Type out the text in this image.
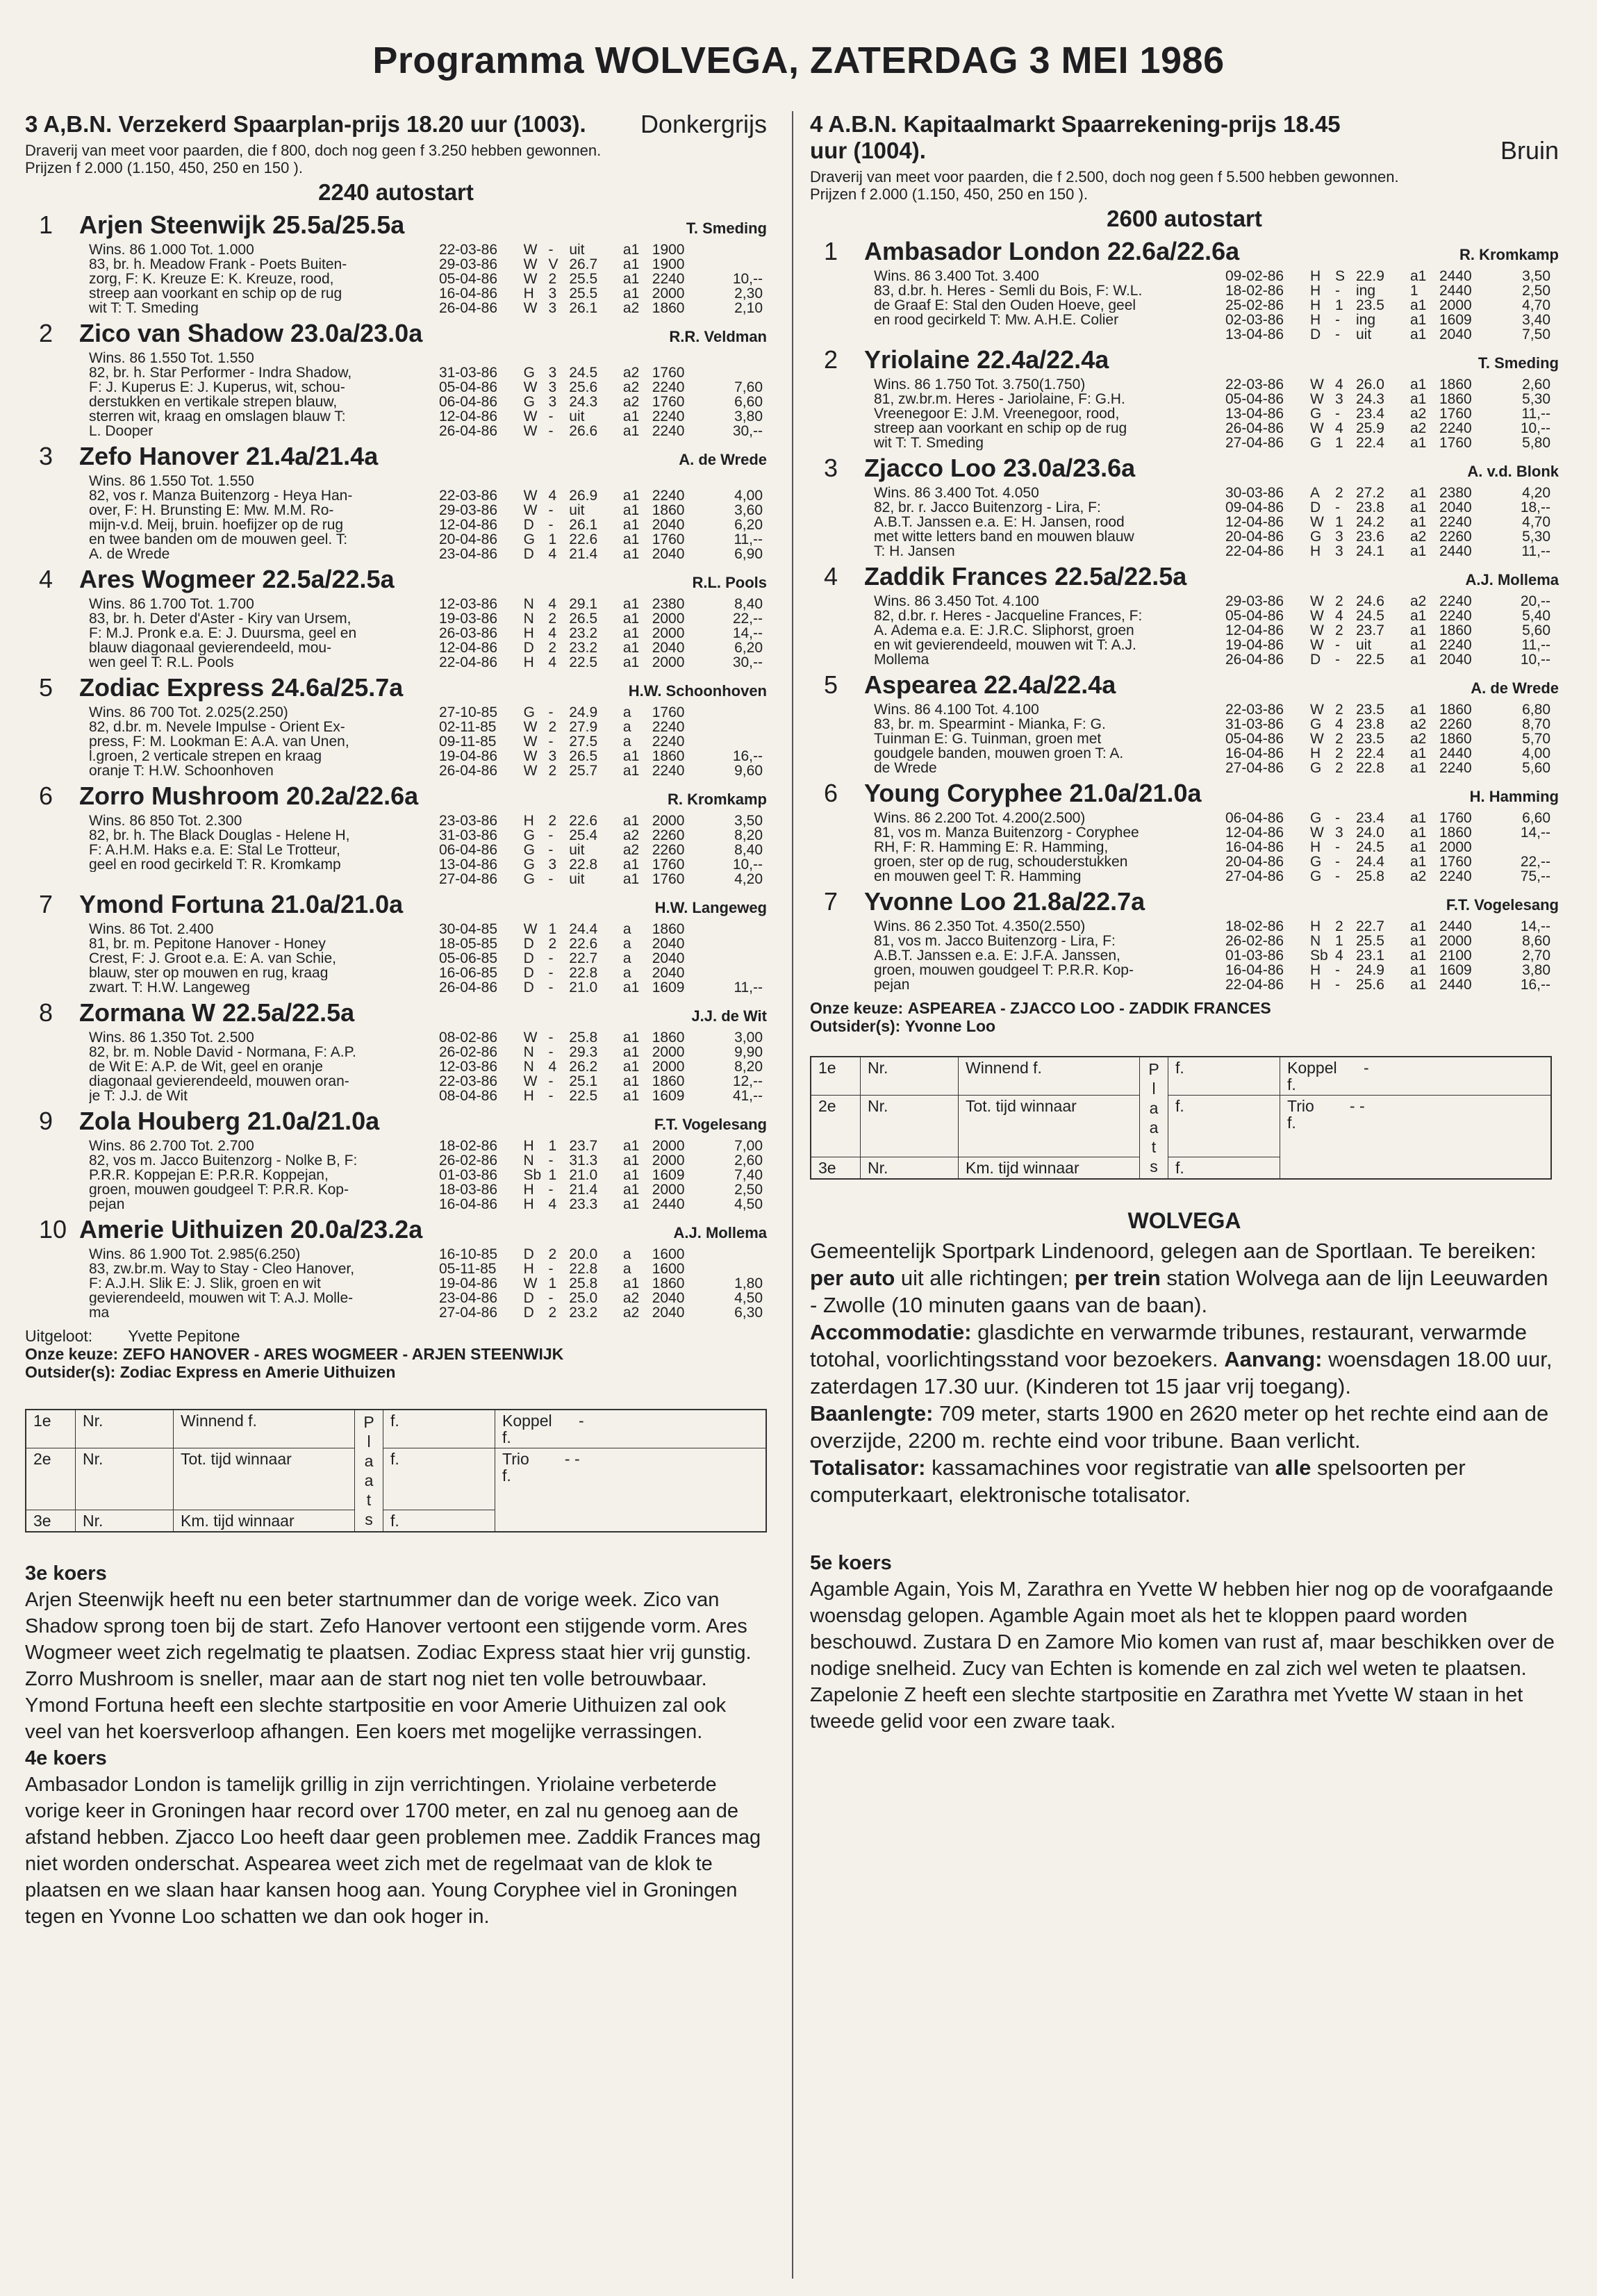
Programma WOLVEGA, ZATERDAG 3 MEI 1986
3 A,B.N. Verzekerd Spaarplan-prijs 18.20 uur (1003). Donkergrijs
Draverij van meet voor paarden, die f 800, doch nog geen f 3.250 hebben gewonnen.
Prijzen f 2.000 (1.150, 450, 250 en 150 ).
2240 autostart
1	Arjen Steenwijk 25.5a/25.5a	T. Smeding
Wins. 86 1.000 Tot. 1.000
83, br. h. Meadow Frank - Poets Buiten-
zorg, F: K. Kreuze E: K. Kreuze, rood,
streep aan voorkant en schip op de rug
wit T: T. Smeding
22-03-86	W	-	uit	a1	1900	
29-03-86	W	V	26.7	a1	1900	
05-04-86	W	2	25.5	a1	2240	10,--
16-04-86	H	3	25.5	a1	2000	2,30
26-04-86	W	3	26.1	a2	1860	2,10
2	Zico van Shadow 23.0a/23.0a	R.R. Veldman
Wins. 86 1.550 Tot. 1.550
82, br. h. Star Performer - Indra Shadow,
F: J. Kuperus E: J. Kuperus, wit, schou-
derstukken en vertikale strepen blauw,
sterren wit, kraag en omslagen blauw T:
L. Dooper

31-03-86	G	3	24.5	a2	1760	
05-04-86	W	3	25.6	a2	2240	7,60
06-04-86	G	3	24.3	a2	1760	6,60
12-04-86	W	-	uit	a1	2240	3,80
26-04-86	W	-	26.6	a1	2240	30,--
3	Zefo Hanover 21.4a/21.4a	A. de Wrede
Wins. 86 1.550 Tot. 1.550
82, vos r. Manza Buitenzorg - Heya Han-
over, F: H. Brunsting E: Mw. M.M. Ro-
mijn-v.d. Meij, bruin. hoefijzer op de rug
en twee banden om de mouwen geel. T:
A. de Wrede

22-03-86	W	4	26.9	a1	2240	4,00
29-03-86	W	-	uit	a1	1860	3,60
12-04-86	D	-	26.1	a1	2040	6,20
20-04-86	G	1	22.6	a1	1760	11,--
23-04-86	D	4	21.4	a1	2040	6,90
4	Ares Wogmeer 22.5a/22.5a	R.L. Pools
Wins. 86 1.700 Tot. 1.700
83, br. h. Deter d'Aster - Kiry van Ursem,
F: M.J. Pronk e.a. E: J. Duursma, geel en
blauw diagonaal gevierendeeld, mou-
wen geel T: R.L. Pools
12-03-86	N	4	29.1	a1	2380	8,40
19-03-86	N	2	26.5	a1	2000	22,--
26-03-86	H	4	23.2	a1	2000	14,--
12-04-86	D	2	23.2	a1	2040	6,20
22-04-86	H	4	22.5	a1	2000	30,--
5	Zodiac Express 24.6a/25.7a	H.W. Schoonhoven
Wins. 86 700 Tot. 2.025(2.250)
82, d.br. m. Nevele Impulse - Orient Ex-
press, F: M. Lookman E: A.A. van Unen,
l.groen, 2 verticale strepen en kraag
oranje T: H.W. Schoonhoven
27-10-85	G	-	24.9	a	1760	
02-11-85	W	2	27.9	a	2240	
09-11-85	W	-	27.5	a	2240	
19-04-86	W	3	26.5	a1	1860	16,--
26-04-86	W	2	25.7	a1	2240	9,60
6	Zorro Mushroom 20.2a/22.6a	R. Kromkamp
Wins. 86 850 Tot. 2.300
82, br. h. The Black Douglas - Helene H,
F: A.H.M. Haks e.a. E: Stal Le Trotteur,
geel en rood gecirkeld T: R. Kromkamp
23-03-86	H	2	22.6	a1	2000	3,50
31-03-86	G	-	25.4	a2	2260	8,20
06-04-86	G	-	uit	a2	2260	8,40
13-04-86	G	3	22.8	a1	1760	10,--
27-04-86	G	-	uit	a1	1760	4,20
7	Ymond Fortuna 21.0a/21.0a	H.W. Langeweg
Wins. 86 Tot. 2.400
81, br. m. Pepitone Hanover - Honey
Crest, F: J. Groot e.a. E: A. van Schie,
blauw, ster op mouwen en rug, kraag
zwart. T: H.W. Langeweg
30-04-85	W	1	24.4	a	1860	
18-05-85	D	2	22.6	a	2040	
05-06-85	D	-	22.7	a	2040	
16-06-85	D	-	22.8	a	2040	
26-04-86	D	-	21.0	a1	1609	11,--
8	Zormana W 22.5a/22.5a	J.J. de Wit
Wins. 86 1.350 Tot. 2.500
82, br. m. Noble David - Normana, F: A.P.
de Wit E: A.P. de Wit, geel en oranje
diagonaal gevierendeeld, mouwen oran-
je T: J.J. de Wit
08-02-86	W	-	25.8	a1	1860	3,00
26-02-86	N	-	29.3	a1	2000	9,90
12-03-86	N	4	26.2	a1	2000	8,20
22-03-86	W	-	25.1	a1	1860	12,--
08-04-86	H	-	22.5	a1	1609	41,--
9	Zola Houberg 21.0a/21.0a	F.T. Vogelesang
Wins. 86 2.700 Tot. 2.700
82, vos m. Jacco Buitenzorg - Nolke B, F:
P.R.R. Koppejan E: P.R.R. Koppejan,
groen, mouwen goudgeel T: P.R.R. Kop-
pejan
18-02-86	H	1	23.7	a1	2000	7,00
26-02-86	N	-	31.3	a1	2000	2,60
01-03-86	Sb	1	21.0	a1	1609	7,40
18-03-86	H	-	21.4	a1	2000	2,50
16-04-86	H	4	23.3	a1	2440	4,50
10 Amerie Uithuizen 20.0a/23.2a	A.J. Mollema
Wins. 86 1.900 Tot. 2.985(6.250)
83, zw.br.m. Way to Stay - Cleo Hanover,
F: A.J.H. Slik E: J. Slik, groen en wit
gevierendeeld, mouwen wit T: A.J. Molle-
ma
16-10-85	D	2	20.0	a	1600	
05-11-85	H	-	22.8	a	1600	
19-04-86	W	1	25.8	a1	1860	1,80
23-04-86	D	-	25.0	a2	2040	4,50
27-04-86	D	2	23.2	a2	2040	6,30
Uitgeloot: Yvette Pepitone
Onze keuze: ZEFO HANOVER - ARES WOGMEER - ARJEN STEENWIJK
Outsider(s): Zodiac Express en Amerie Uithuizen
1e	Nr.	Winnend f.	P l a a t s	f.	Koppel -
f.
2e	Nr.	Tot. tijd winnaar		f.	Trio - -
f.
3e	Nr.	Km. tijd winnaar		f.	
3e koers
Arjen Steenwijk heeft nu een beter startnummer dan de vorige week. Zico van Shadow sprong toen bij de start. Zefo Hanover vertoont een stijgende vorm. Ares Wogmeer weet zich regelmatig te plaatsen. Zodiac Express staat hier vrij gunstig. Zorro Mushroom is sneller, maar aan de start nog niet ten volle betrouwbaar. Ymond Fortuna heeft een slechte startpositie en voor Amerie Uithuizen zal ook veel van het koersverloop afhangen. Een koers met mogelijke verrassingen.
4e koers
Ambasador London is tamelijk grillig in zijn verrichtingen. Yriolaine verbeterde vorige keer in Groningen haar record over 1700 meter, en zal nu genoeg aan de afstand hebben. Zjacco Loo heeft daar geen problemen mee. Zaddik Frances mag niet worden onderschat. Aspearea weet zich met de regelmaat van de klok te plaatsen en we slaan haar kansen hoog aan. Young Coryphee viel in Groningen tegen en Yvonne Loo schatten we dan ook hoger in.
4 A.B.N. Kapitaalmarkt Spaarrekening-prijs 18.45 uur (1004).	Bruin
Draverij van meet voor paarden, die f 2.500, doch nog geen f 5.500 hebben gewonnen.
Prijzen f 2.000 (1.150, 450, 250 en 150 ).
2600 autostart
1	Ambasador London 22.6a/22.6a	R. Kromkamp
Wins. 86 3.400 Tot. 3.400
83, d.br. h. Heres - Semli du Bois, F: W.L.
de Graaf E: Stal den Ouden Hoeve, geel
en rood gecirkeld T: Mw. A.H.E. Colier
09-02-86	H	S	22.9	a1	2440	3,50
18-02-86	H	-	ing	1	2440	2,50
25-02-86	H	1	23.5	a1	2000	4,70
02-03-86	H	-	ing	a1	1609	3,40
13-04-86	D	-	uit	a1	2040	7,50
2	Yriolaine 22.4a/22.4a	T. Smeding
Wins. 86 1.750 Tot. 3.750(1.750)
81, zw.br.m. Heres - Jariolaine, F: G.H.
Vreenegoor E: J.M. Vreenegoor, rood,
streep aan voorkant en schip op de rug
wit T: T. Smeding
22-03-86	W	4	26.0	a1	1860	2,60
05-04-86	W	3	24.3	a1	1860	5,30
13-04-86	G	-	23.4	a2	1760	11,--
26-04-86	W	4	25.9	a2	2240	10,--
27-04-86	G	1	22.4	a1	1760	5,80
3	Zjacco Loo 23.0a/23.6a	A. v.d. Blonk
Wins. 86 3.400 Tot. 4.050
82, br. r. Jacco Buitenzorg - Lira, F:
A.B.T. Janssen e.a. E: H. Jansen, rood
met witte letters band en mouwen blauw
T: H. Jansen
30-03-86	A	2	27.2	a1	2380	4,20
09-04-86	D	-	23.8	a1	2040	18,--
12-04-86	W	1	24.2	a1	2240	4,70
20-04-86	G	3	23.6	a2	2260	5,30
22-04-86	H	3	24.1	a1	2440	11,--
4	Zaddik Frances 22.5a/22.5a	A.J. Mollema
Wins. 86 3.450 Tot. 4.100
82, d.br. r. Heres - Jacqueline Frances, F:
A. Adema e.a. E: J.R.C. Sliphorst, groen
en wit gevierendeeld, mouwen wit T: A.J.
Mollema
29-03-86	W	2	24.6	a2	2240	20,--
05-04-86	W	4	24.5	a1	2240	5,40
12-04-86	W	2	23.7	a1	1860	5,60
19-04-86	W	-	uit	a1	2240	11,--
26-04-86	D	-	22.5	a1	2040	10,--
5	Aspearea 22.4a/22.4a	A. de Wrede
Wins. 86 4.100 Tot. 4.100
83, br. m. Spearmint - Mianka, F: G.
Tuinman E: G. Tuinman, groen met
goudgele banden, mouwen groen T: A.
de Wrede
22-03-86	W	2	23.5	a1	1860	6,80
31-03-86	G	4	23.8	a2	2260	8,70
05-04-86	W	2	23.5	a2	1860	5,70
16-04-86	H	2	22.4	a1	2440	4,00
27-04-86	G	2	22.8	a1	2240	5,60
6	Young Coryphee 21.0a/21.0a	H. Hamming
Wins. 86 2.200 Tot. 4.200(2.500)
81, vos m. Manza Buitenzorg - Coryphee
RH, F: R. Hamming E: R. Hamming,
groen, ster op de rug, schouderstukken
en mouwen geel T: R. Hamming
06-04-86	G	-	23.4	a1	1760	6,60
12-04-86	W	3	24.0	a1	1860	14,--
16-04-86	H	-	24.5	a1	2000	
20-04-86	G	-	24.4	a1	1760	22,--
27-04-86	G	-	25.8	a2	2240	75,--
7	Yvonne Loo 21.8a/22.7a	F.T. Vogelesang
Wins. 86 2.350 Tot. 4.350(2.550)
81, vos m. Jacco Buitenzorg - Lira, F:
A.B.T. Janssen e.a. E: J.F.A. Janssen,
groen, mouwen goudgeel T: P.R.R. Kop-
pejan
18-02-86	H	2	22.7	a1	2440	14,--
26-02-86	N	1	25.5	a1	2000	8,60
01-03-86	Sb	4	23.1	a1	2100	2,70
16-04-86	H	-	24.9	a1	1609	3,80
22-04-86	H	-	25.6	a1	2440	16,--
Onze keuze: ASPEAREA - ZJACCO LOO - ZADDIK FRANCES
Outsider(s): Yvonne Loo
1e	Nr.	Winnend f.	P l a a t s	f.	Koppel -
f.
2e	Nr.	Tot. tijd winnaar		f.	Trio - -
f.
3e	Nr.	Km. tijd winnaar		f.	
WOLVEGA
Gemeentelijk Sportpark Lindenoord, gelegen aan de Sportlaan. Te bereiken: per auto uit alle richtingen; per trein station Wolvega aan de lijn Leeuwarden - Zwolle (10 minuten gaans van de baan).
Accommodatie: glasdichte en verwarmde tribunes, restaurant, verwarmde totohal, voorlichtingsstand voor bezoekers. Aanvang: woensdagen 18.00 uur, zaterdagen 17.30 uur. (Kinderen tot 15 jaar vrij toegang).
Baanlengte: 709 meter, starts 1900 en 2620 meter op het rechte eind aan de overzijde, 2200 m. rechte eind voor tribune. Baan verlicht.
Totalisator: kassamachines voor registratie van alle spelsoorten per computerkaart, elektronische totalisator.
5e koers
Agamble Again, Yois M, Zarathra en Yvette W hebben hier nog op de voorafgaande woensdag gelopen. Agamble Again moet als het te kloppen paard worden beschouwd. Zustara D en Zamore Mio komen van rust af, maar beschikken over de nodige snelheid. Zucy van Echten is komende en zal zich wel weten te plaatsen. Zapelonie Z heeft een slechte startpositie en Zarathra met Yvette W staan in het tweede gelid voor een zware taak.
